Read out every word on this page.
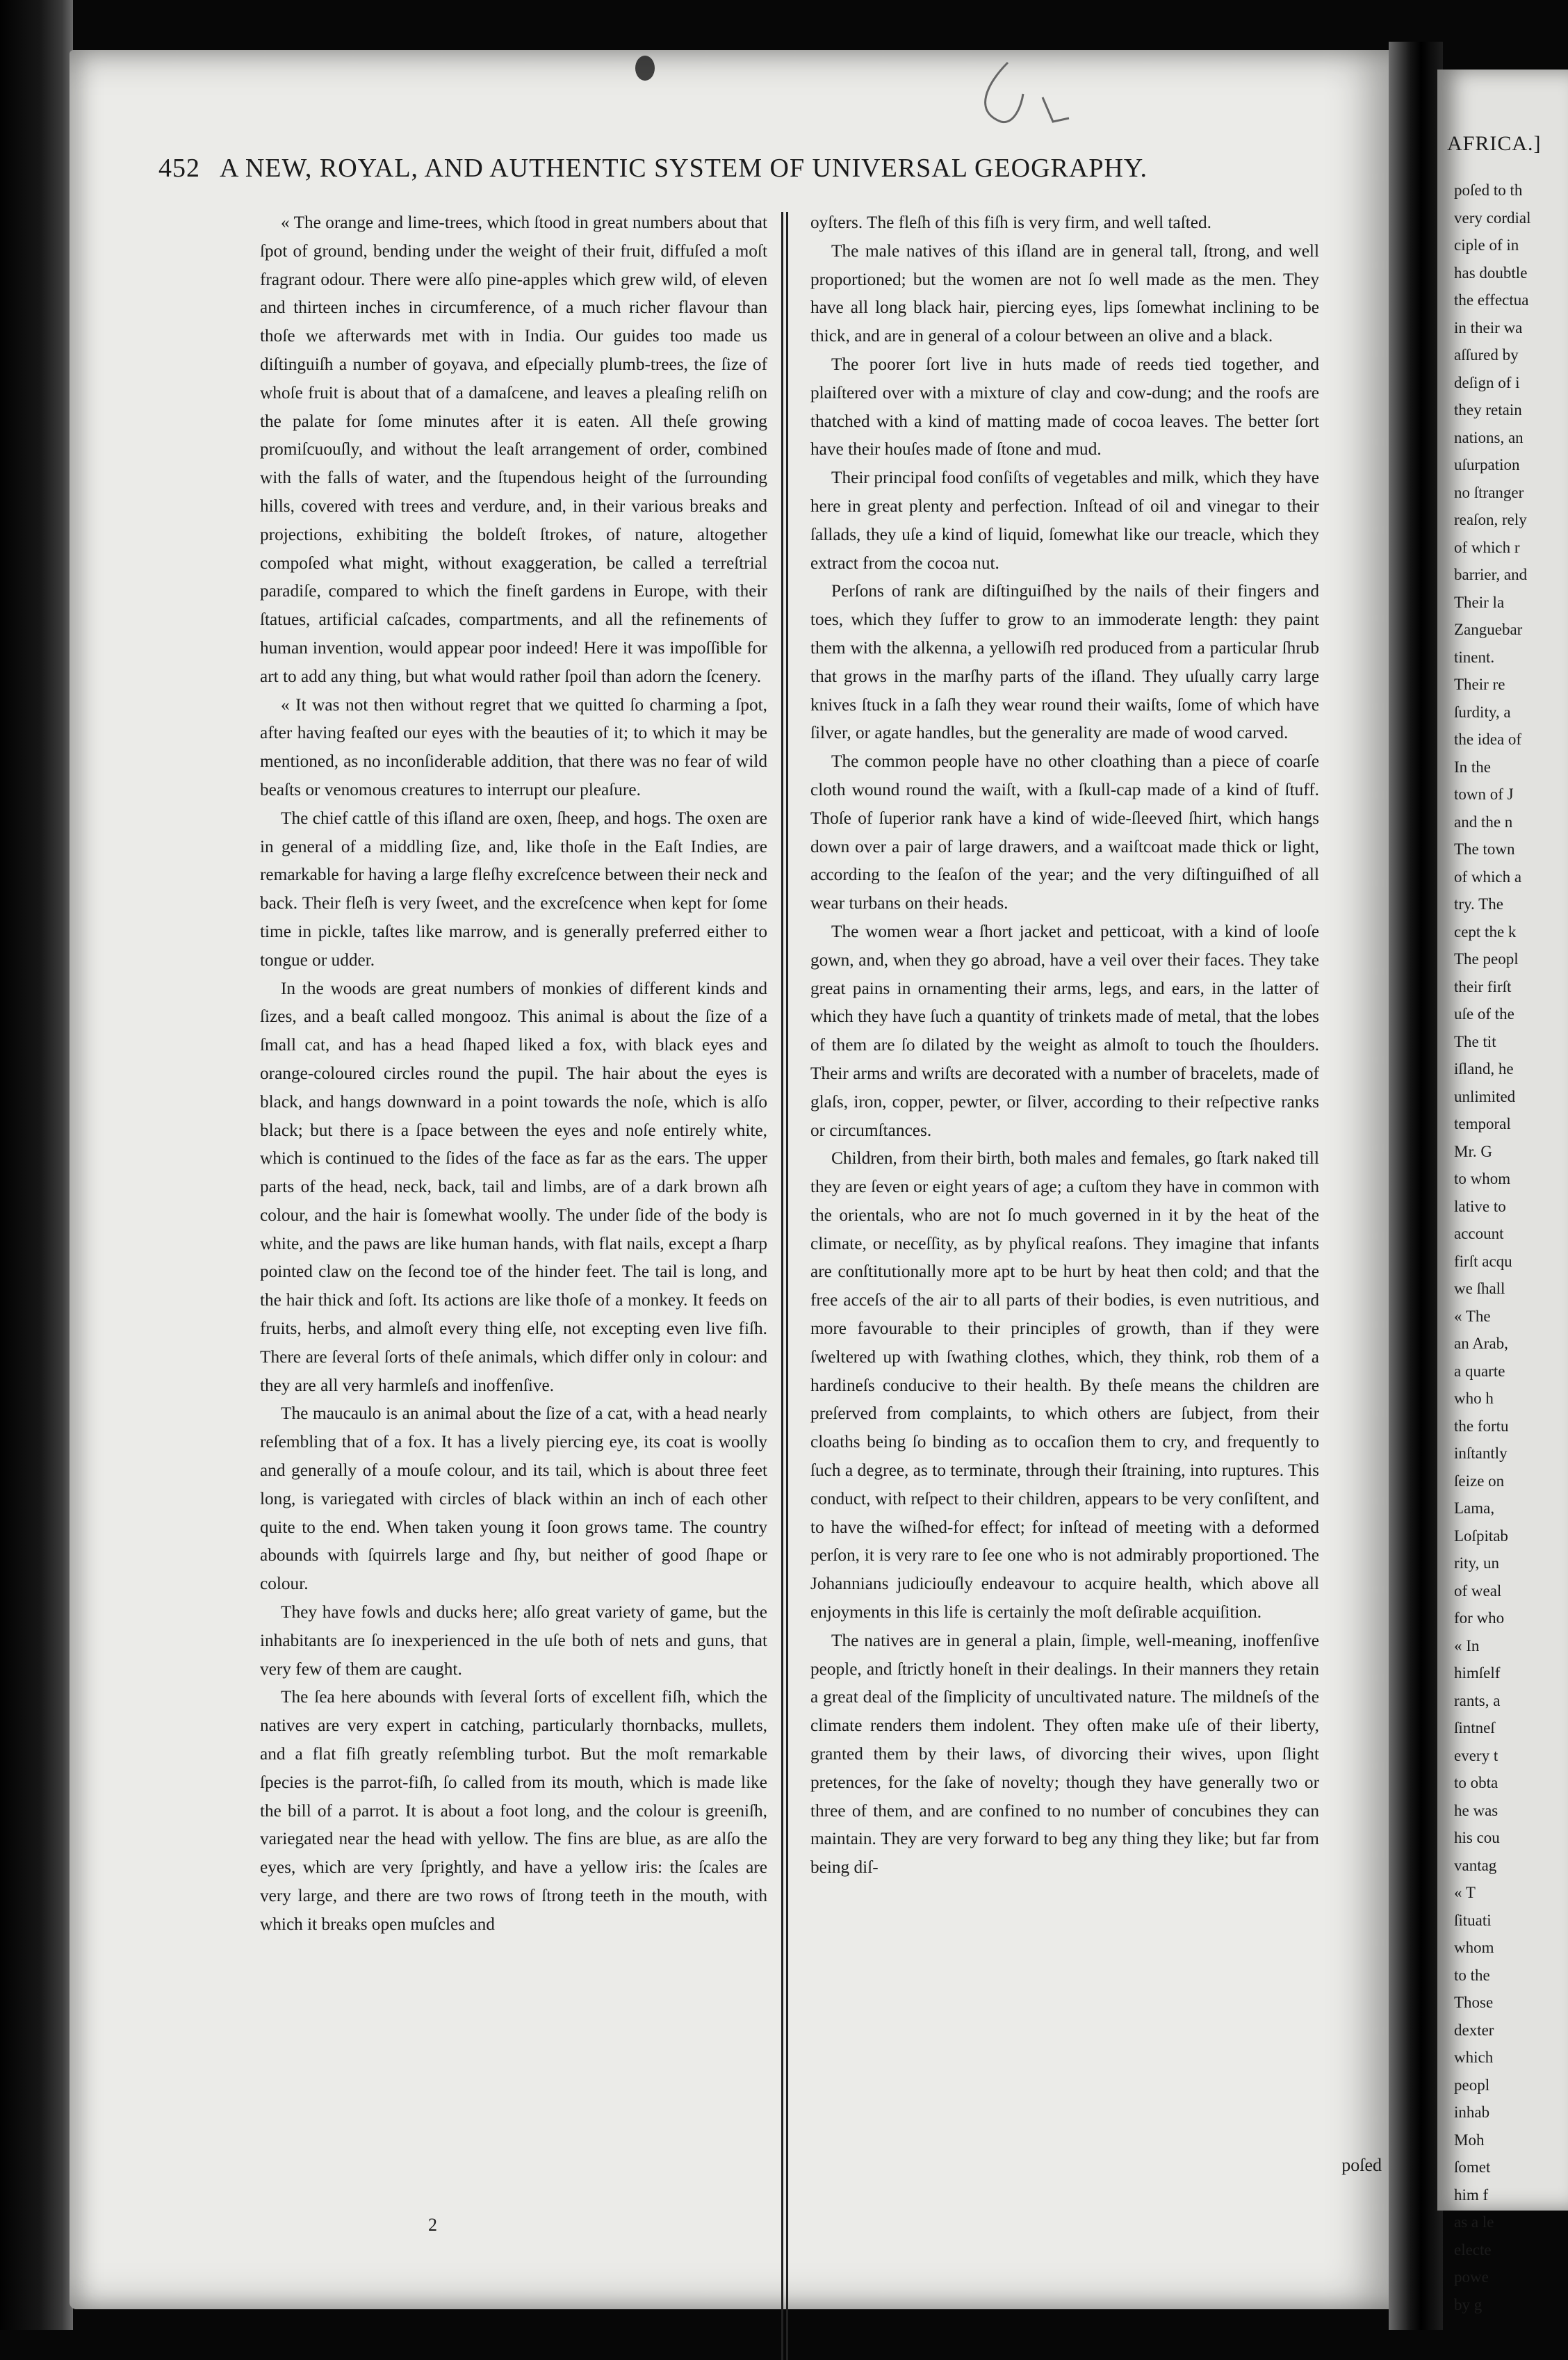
452 A NEW, ROYAL, AND AUTHENTIC SYSTEM OF UNIVERSAL GEOGRAPHY.

« The orange and lime-trees, which ſtood in great numbers about that ſpot of ground, bending under the weight of their fruit, diffuſed a moſt fragrant odour. There were alſo pine-apples which grew wild, of eleven and thirteen inches in circumference, of a much richer flavour than thoſe we afterwards met with in India. Our guides too made us diſtinguiſh a number of goyava, and eſpecially plumb-trees, the ſize of whoſe fruit is about that of a damaſcene, and leaves a pleaſing reliſh on the palate for ſome minutes after it is eaten. All theſe growing promiſcuouſly, and without the leaſt arrangement of order, combined with the falls of water, and the ſtupendous height of the ſurrounding hills, covered with trees and verdure, and, in their various breaks and projections, exhibiting the boldeſt ſtrokes, of nature, altogether compoſed what might, without exaggeration, be called a terreſtrial paradiſe, compared to which the fineſt gardens in Europe, with their ſtatues, artificial caſcades, compartments, and all the refinements of human invention, would appear poor indeed! Here it was impoſſible for art to add any thing, but what would rather ſpoil than adorn the ſcenery.

« It was not then without regret that we quitted ſo charming a ſpot, after having feaſted our eyes with the beauties of it; to which it may be mentioned, as no inconſiderable addition, that there was no fear of wild beaſts or venomous creatures to interrupt our pleaſure.

The chief cattle of this iſland are oxen, ſheep, and hogs. The oxen are in general of a middling ſize, and, like thoſe in the Eaſt Indies, are remarkable for having a large fleſhy excreſcence between their neck and back. Their fleſh is very ſweet, and the excreſcence when kept for ſome time in pickle, taſtes like marrow, and is generally preferred either to tongue or udder.

In the woods are great numbers of monkies of different kinds and ſizes, and a beaſt called mongooz. This animal is about the ſize of a ſmall cat, and has a head ſhaped liked a fox, with black eyes and orange-coloured circles round the pupil. The hair about the eyes is black, and hangs downward in a point towards the noſe, which is alſo black; but there is a ſpace between the eyes and noſe entirely white, which is continued to the ſides of the face as far as the ears. The upper parts of the head, neck, back, tail and limbs, are of a dark brown aſh colour, and the hair is ſomewhat woolly. The under ſide of the body is white, and the paws are like human hands, with flat nails, except a ſharp pointed claw on the ſecond toe of the hinder feet. The tail is long, and the hair thick and ſoft. Its actions are like thoſe of a monkey. It feeds on fruits, herbs, and almoſt every thing elſe, not excepting even live fiſh. There are ſeveral ſorts of theſe animals, which differ only in colour: and they are all very harmleſs and inoffenſive.

The maucaulo is an animal about the ſize of a cat, with a head nearly reſembling that of a fox. It has a lively piercing eye, its coat is woolly and generally of a mouſe colour, and its tail, which is about three feet long, is variegated with circles of black within an inch of each other quite to the end. When taken young it ſoon grows tame. The country abounds with ſquirrels large and ſhy, but neither of good ſhape or colour.

They have fowls and ducks here; alſo great variety of game, but the inhabitants are ſo inexperienced in the uſe both of nets and guns, that very few of them are caught.

The ſea here abounds with ſeveral ſorts of excellent fiſh, which the natives are very expert in catching, particularly thornbacks, mullets, and a flat fiſh greatly reſembling turbot. But the moſt remarkable ſpecies is the parrot-fiſh, ſo called from its mouth, which is made like the bill of a parrot. It is about a foot long, and the colour is greeniſh, variegated near the head with yellow. The fins are blue, as are alſo the eyes, which are very ſprightly, and have a yellow iris: the ſcales are very large, and there are two rows of ſtrong teeth in the mouth, with which it breaks open muſcles and

oyſters. The fleſh of this fiſh is very firm, and well taſted.

The male natives of this iſland are in general tall, ſtrong, and well proportioned; but the women are not ſo well made as the men. They have all long black hair, piercing eyes, lips ſomewhat inclining to be thick, and are in general of a colour between an olive and a black.

The poorer ſort live in huts made of reeds tied together, and plaiſtered over with a mixture of clay and cow-dung; and the roofs are thatched with a kind of matting made of cocoa leaves. The better ſort have their houſes made of ſtone and mud.

Their principal food conſiſts of vegetables and milk, which they have here in great plenty and perfection. Inſtead of oil and vinegar to their ſallads, they uſe a kind of liquid, ſomewhat like our treacle, which they extract from the cocoa nut.

Perſons of rank are diſtinguiſhed by the nails of their fingers and toes, which they ſuffer to grow to an immoderate length: they paint them with the alkenna, a yellowiſh red produced from a particular ſhrub that grows in the marſhy parts of the iſland. They uſually carry large knives ſtuck in a ſaſh they wear round their waiſts, ſome of which have ſilver, or agate handles, but the generality are made of wood carved.

The common people have no other cloathing than a piece of coarſe cloth wound round the waiſt, with a ſkull-cap made of a kind of ſtuff. Thoſe of ſuperior rank have a kind of wide-ſleeved ſhirt, which hangs down over a pair of large drawers, and a waiſtcoat made thick or light, according to the ſeaſon of the year; and the very diſtinguiſhed of all wear turbans on their heads.

The women wear a ſhort jacket and petticoat, with a kind of looſe gown, and, when they go abroad, have a veil over their faces. They take great pains in ornamenting their arms, legs, and ears, in the latter of which they have ſuch a quantity of trinkets made of metal, that the lobes of them are ſo dilated by the weight as almoſt to touch the ſhoulders. Their arms and wriſts are decorated with a number of bracelets, made of glaſs, iron, copper, pewter, or ſilver, according to their reſpective ranks or circumſtances.

Children, from their birth, both males and females, go ſtark naked till they are ſeven or eight years of age; a cuſtom they have in common with the orientals, who are not ſo much governed in it by the heat of the climate, or neceſſity, as by phyſical reaſons. They imagine that infants are conſtitutionally more apt to be hurt by heat then cold; and that the free acceſs of the air to all parts of their bodies, is even nutritious, and more favourable to their principles of growth, than if they were ſweltered up with ſwathing clothes, which, they think, rob them of a hardineſs conducive to their health. By theſe means the children are preſerved from complaints, to which others are ſubject, from their cloaths being ſo binding as to occaſion them to cry, and frequently to ſuch a degree, as to terminate, through their ſtraining, into ruptures. This conduct, with reſpect to their children, appears to be very conſiſtent, and to have the wiſhed-for effect; for inſtead of meeting with a deformed perſon, it is very rare to ſee one who is not admirably proportioned. The Johannians judiciouſly endeavour to acquire health, which above all enjoyments in this life is certainly the moſt deſirable acquiſition.

The natives are in general a plain, ſimple, well-meaning, inoffenſive people, and ſtrictly honeſt in their dealings. In their manners they retain a great deal of the ſimplicity of uncultivated nature. The mildneſs of the climate renders them indolent. They often make uſe of their liberty, granted them by their laws, of divorcing their wives, upon ſlight pretences, for the ſake of novelty; though they have generally two or three of them, and are confined to no number of concubines they can maintain. They are very forward to beg any thing they like; but far from being diſ-

2
poſed
AFRICA.]
poſed to th
very cordial
ciple of in
has doubtle
the effectua
in their wa
aſſured by
deſign of i
they retain
nations, an
uſurpation
no ſtranger
reaſon, rely
of which r
barrier, and
Their la
Zanguebar
tinent.
Their re
ſurdity, a
the idea of
In the
town of J
and the n
The town
of which a
try. The
cept the k
The peopl
their firſt
uſe of the
The tit
iſland, he
unlimited
temporal
Mr. G
to whom
lative to
account
firſt acqu
we ſhall
« The
an Arab,
a quarte
who h
the fortu
inſtantly
ſeize on
Lama,
Loſpitab
rity, un
of weal
for who
« In
himſelf
rants, a
ſintneſ
every t
to obta
he was
his cou
vantag
« T
ſituati
whom
to the
Those
dexter
which
peopl
inhab
Moh
ſomet
him f
as a le
electe
powe
by g
